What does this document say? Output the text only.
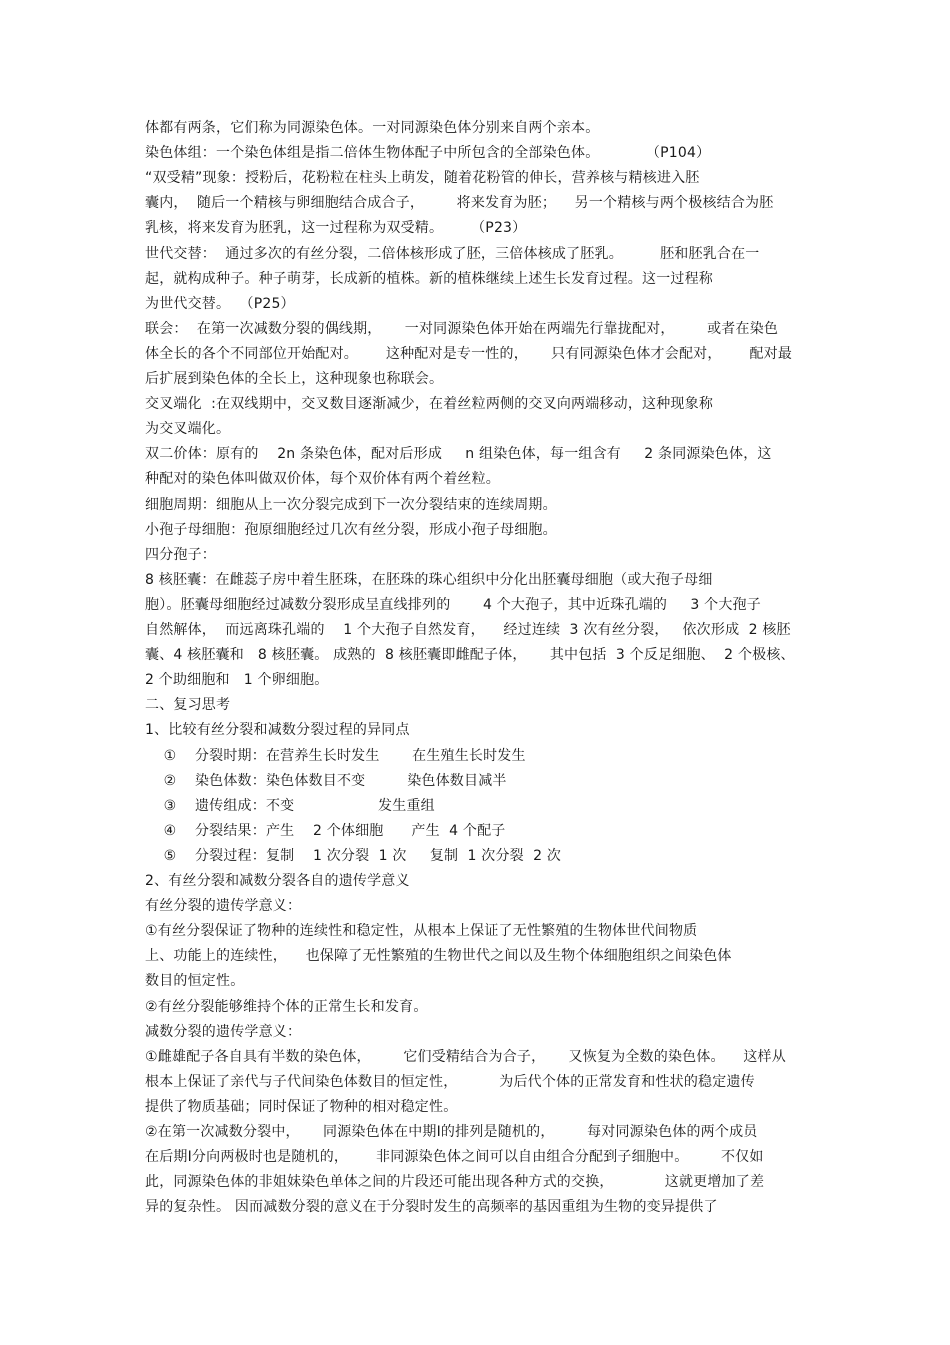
体都有两条，它们称为同源染色体。一对同源染色体分别来自两个亲本。
染色体组：一个染色体组是指二倍体生物体配子中所包含的全部染色体。          （P104）
“双受精”现象：授粉后，花粉粒在柱头上萌发，随着花粉管的伸长，营养核与精核进入胚
囊内，  随后一个精核与卵细胞结合成合子，       将来发育为胚；    另一个精核与两个极核结合为胚
乳核，将来发育为胚乳，这一过程称为双受精。      （P23）
世代交替：  通过多次的有丝分裂，二倍体核形成了胚，三倍体核成了胚乳。        胚和胚乳合在一
起，就构成种子。种子萌芽，长成新的植株。新的植株继续上述生长发育过程。这一过程称
为世代交替。  （P25）
联会：  在第一次减数分裂的偶线期，     一对同源染色体开始在两端先行靠拢配对，       或者在染色
体全长的各个不同部位开始配对。      这种配对是专一性的，     只有同源染色体才会配对，      配对最
后扩展到染色体的全长上，这种现象也称联会。
交叉端化  :在双线期中，交叉数目逐渐减少，在着丝粒两侧的交叉向两端移动，这种现象称
为交叉端化。
双二价体：原有的    2n 条染色体，配对后形成     n 组染色体，每一组含有     2 条同源染色体，这
种配对的染色体叫做双价体，每个双价体有两个着丝粒。
细胞周期：细胞从上一次分裂完成到下一次分裂结束的连续周期。
小孢子母细胞：孢原细胞经过几次有丝分裂，形成小孢子母细胞。
四分孢子：
8 核胚囊：在雌蕊子房中着生胚珠，在胚珠的珠心组织中分化出胚囊母细胞（或大孢子母细
胞）。胚囊母细胞经过减数分裂形成呈直线排列的       4 个大孢子，其中近珠孔端的     3 个大孢子
自然解体，  而远离珠孔端的    1 个大孢子自然发育，    经过连续  3 次有丝分裂，   依次形成  2 核胚
囊、4 核胚囊和   8 核胚囊。 成熟的  8 核胚囊即雌配子体，     其中包括  3 个反足细胞、  2 个极核、
2 个助细胞和   1 个卵细胞。
二、复习思考
1、比较有丝分裂和减数分裂过程的异同点
①    分裂时期：在营养生长时发生       在生殖生长时发生
②    染色体数：染色体数目不变         染色体数目减半
③    遗传组成：不变                  发生重组
④    分裂结果：产生    2 个体细胞      产生  4 个配子
⑤    分裂过程：复制    1 次分裂  1 次     复制  1 次分裂  2 次
2、有丝分裂和减数分裂各自的遗传学意义
有丝分裂的遗传学意义：
①有丝分裂保证了物种的连续性和稳定性，从根本上保证了无性繁殖的生物体世代间物质
上、功能上的连续性，    也保障了无性繁殖的生物世代之间以及生物个体细胞组织之间染色体
数目的恒定性。
②有丝分裂能够维持个体的正常生长和发育。
减数分裂的遗传学意义：
①雌雄配子各自具有半数的染色体，       它们受精结合为合子，     又恢复为全数的染色体。    这样从
根本上保证了亲代与子代间染色体数目的恒定性，         为后代个体的正常发育和性状的稳定遗传
提供了物质基础；同时保证了物种的相对稳定性。
②在第一次减数分裂中，     同源染色体在中期Ⅰ的排列是随机的，       每对同源染色体的两个成员
在后期Ⅰ分向两极时也是随机的，      非同源染色体之间可以自由组合分配到子细胞中。       不仅如
此，同源染色体的非姐妹染色单体之间的片段还可能出现各种方式的交换，           这就更增加了差
异的复杂性。 因而减数分裂的意义在于分裂时发生的高频率的基因重组为生物的变异提供了
